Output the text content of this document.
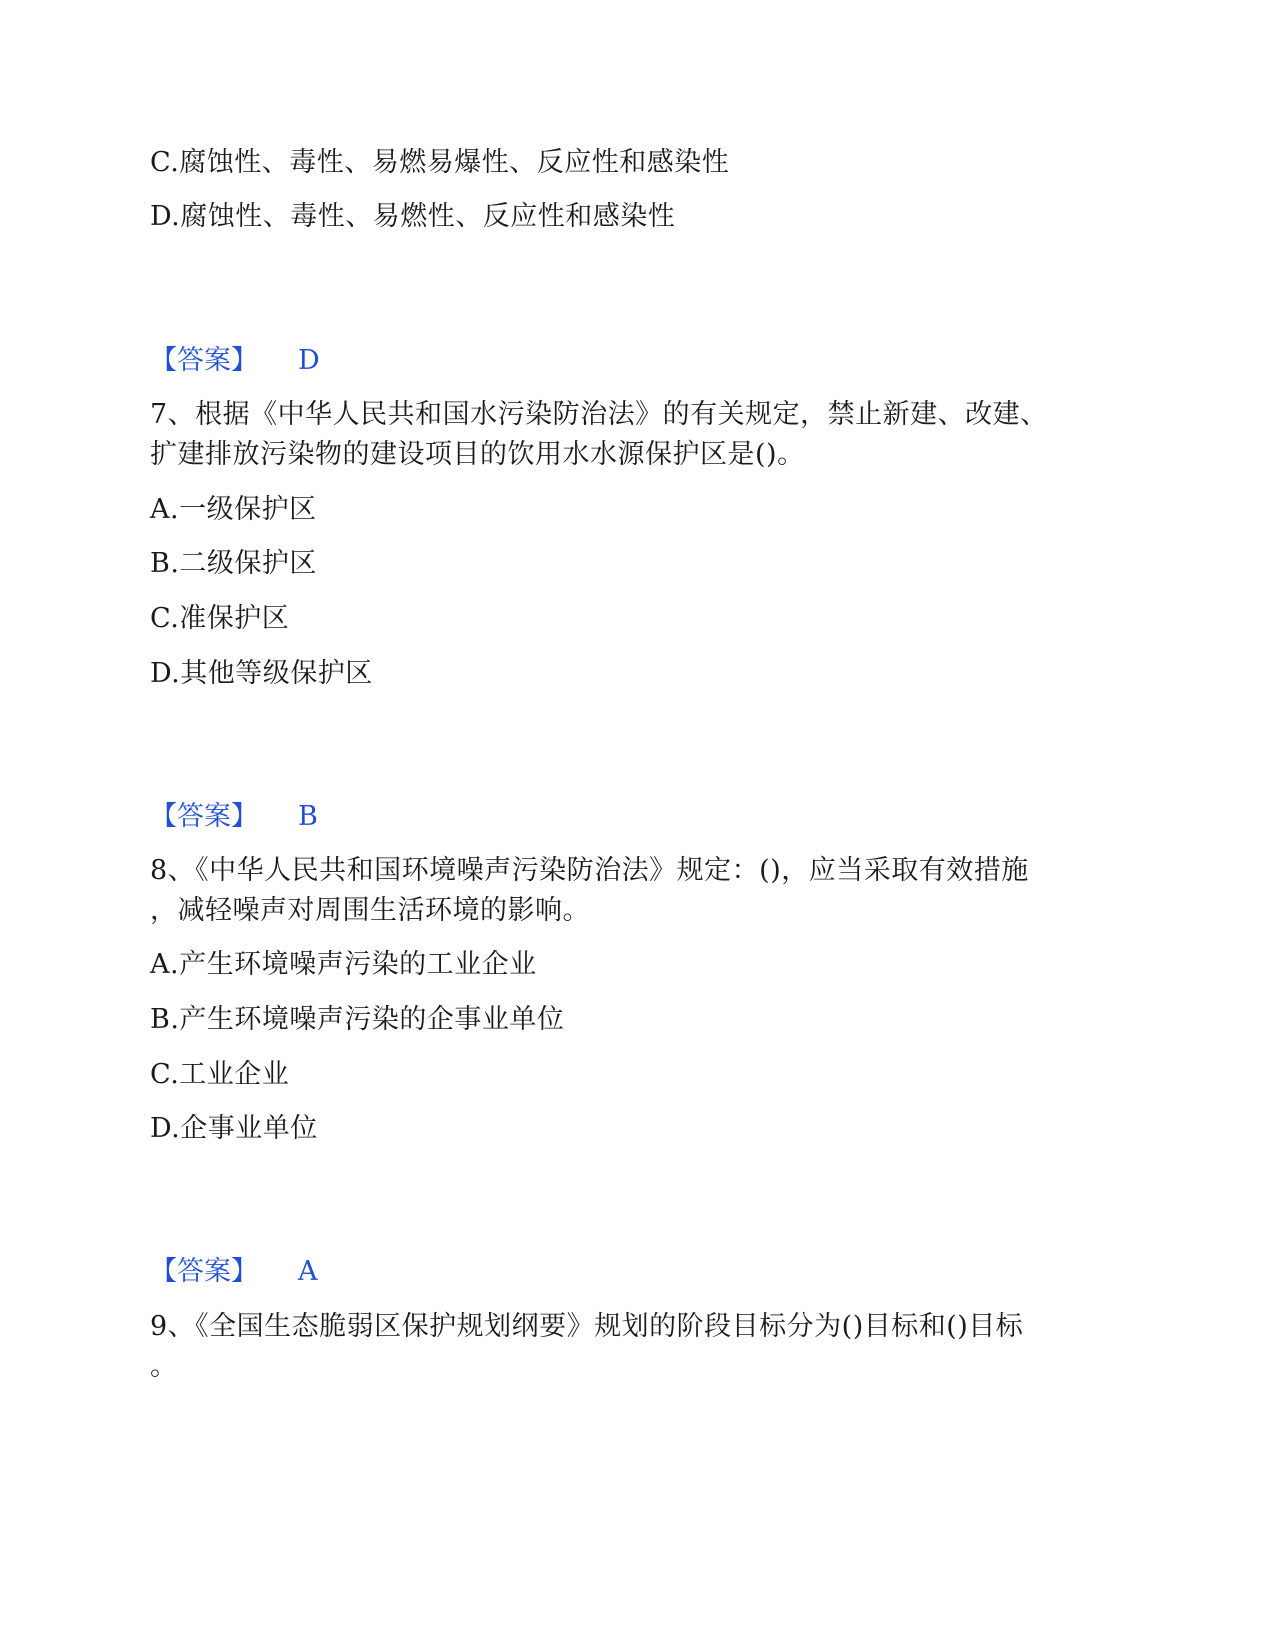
C.腐蚀性、毒性、易燃易爆性、反应性和感染性
D.腐蚀性、毒性、易燃性、反应性和感染性
【答案】 D
7、根据《中华人民共和国水污染防治法》的有关规定，禁止新建、改建、
扩建排放污染物的建设项目的饮用水水源保护区是()。
A.一级保护区
B.二级保护区
C.准保护区
D.其他等级保护区
【答案】 B
8、《中华人民共和国环境噪声污染防治法》规定：()，应当采取有效措施
，减轻噪声对周围生活环境的影响。
A.产生环境噪声污染的工业企业
B.产生环境噪声污染的企事业单位
C.工业企业
D.企事业单位
【答案】 A
9、《全国生态脆弱区保护规划纲要》规划的阶段目标分为()目标和()目标
。
